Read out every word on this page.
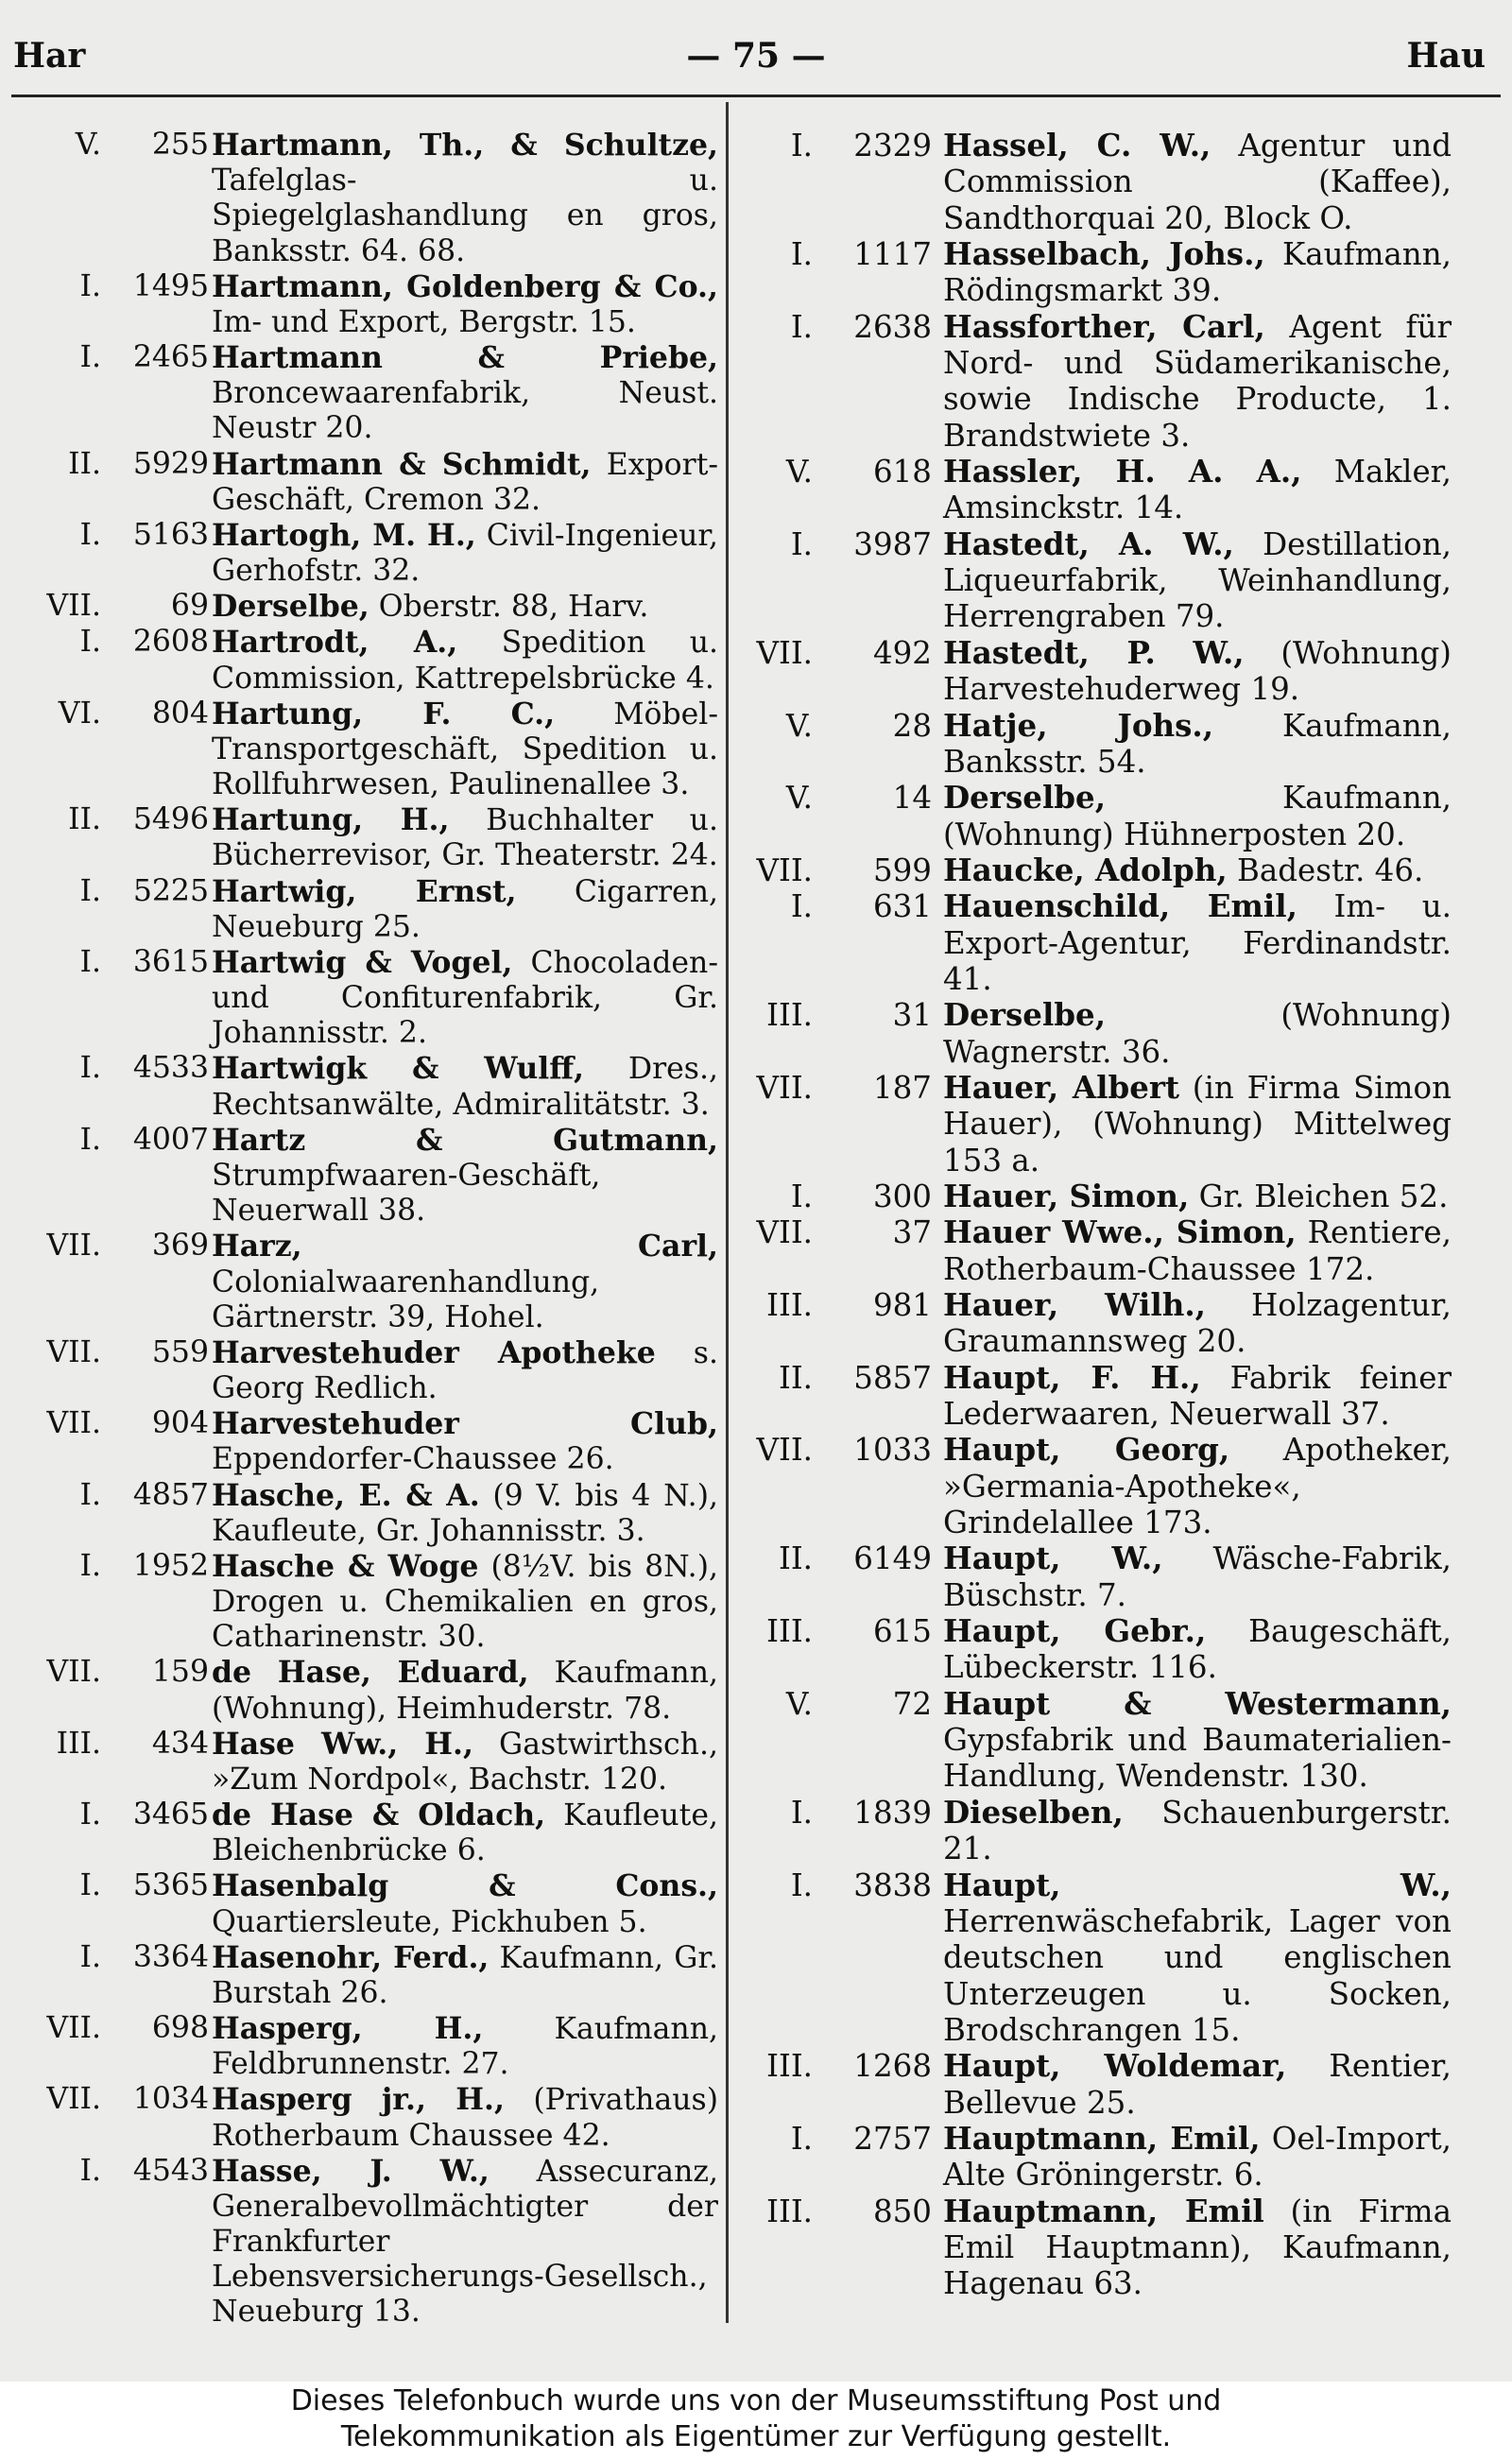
Har	— 75 —	Hau
V.	255 Hartmann, Th., & Schultze, Tafelglas- u. Spiegelglashandlung en gros, Banksstr. 64. 68.
I.	1495 Hartmann, Goldenberg & Co., Im- und Export, Bergstr. 15.
I.	2465 Hartmann & Priebe, Broncewaarenfabrik, Neust. Neustr 20.
II.	5929 Hartmann & Schmidt, Export-Geschäft, Cremon 32.
I.	5163 Hartogh, M. H., Civil-Ingenieur, Gerhofstr. 32.
VII.	69 Derselbe, Oberstr. 88, Harv.
I.	2608 Hartrodt, A., Spedition u. Commission, Kattrepelsbrücke 4.
VI.	804 Hartung, F. C., Möbel-Transportgeschäft, Spedition u. Rollfuhrwesen, Paulinenallee 3.
II.	5496 Hartung, H., Buchhalter u. Bücherrevisor, Gr. Theaterstr. 24.
I.	5225 Hartwig, Ernst, Cigarren, Neueburg 25.
I.	3615 Hartwig & Vogel, Chocoladen- und Confiturenfabrik, Gr. Johannisstr. 2.
I.	4533 Hartwigk & Wulff, Dres., Rechtsanwälte, Admiralitätstr. 3.
I.	4007 Hartz & Gutmann, Strumpfwaaren-Geschäft, Neuerwall 38.
VII.	369 Harz, Carl, Colonialwaarenhandlung, Gärtnerstr. 39, Hohel.
VII.	559 Harvestehuder Apotheke s. Georg Redlich.
VII.	904 Harvestehuder Club, Eppendorfer-Chaussee 26.
I.	4857 Hasche, E. & A. (9 V. bis 4 N.), Kaufleute, Gr. Johannisstr. 3.
I.	1952 Hasche & Woge (8½V. bis 8N.), Drogen u. Chemikalien en gros, Catharinenstr. 30.
VII.	159 de Hase, Eduard, Kaufmann, (Wohnung), Heimhuderstr. 78.
III.	434 Hase Ww., H., Gastwirthsch., »Zum Nordpol«, Bachstr. 120.
I.	3465 de Hase & Oldach, Kaufleute, Bleichenbrücke 6.
I.	5365 Hasenbalg & Cons., Quartiersleute, Pickhuben 5.
I.	3364 Hasenohr, Ferd., Kaufmann, Gr. Burstah 26.
VII.	698 Hasperg, H., Kaufmann, Feldbrunnenstr. 27.
VII.	1034 Hasperg jr., H., (Privathaus) Rotherbaum Chaussee 42.
I.	4543 Hasse, J. W., Assecuranz, Generalbevollmächtigter der Frankfurter Lebensversicherungs-Gesellsch., Neueburg 13.
I.	2329 Hassel, C. W., Agentur und Commission (Kaffee), Sandthorquai 20, Block O.
I.	1117 Hasselbach, Johs., Kaufmann, Rödingsmarkt 39.
I.	2638 Hassforther, Carl, Agent für Nord- und Südamerikanische, sowie Indische Producte, 1. Brandstwiete 3.
V.	618 Hassler, H. A. A., Makler, Amsinckstr. 14.
I.	3987 Hastedt, A. W., Destillation, Liqueurfabrik, Weinhandlung, Herrengraben 79.
VII.	492 Hastedt, P. W., (Wohnung) Harvestehuderweg 19.
V.	28 Hatje, Johs., Kaufmann, Banksstr. 54.
V.	14 Derselbe, Kaufmann, (Wohnung) Hühnerposten 20.
VII.	599 Haucke, Adolph, Badestr. 46.
I.	631 Hauenschild, Emil, Im- u. Export-Agentur, Ferdinandstr. 41.
III.	31 Derselbe, (Wohnung) Wagnerstr. 36.
VII.	187 Hauer, Albert (in Firma Simon Hauer), (Wohnung) Mittelweg 153 a.
I.	300 Hauer, Simon, Gr. Bleichen 52.
VII.	37 Hauer Wwe., Simon, Rentiere, Rotherbaum-Chaussee 172.
III.	981 Hauer, Wilh., Holzagentur, Graumannsweg 20.
II.	5857 Haupt, F. H., Fabrik feiner Lederwaaren, Neuerwall 37.
VII.	1033 Haupt, Georg, Apotheker, »Germania-Apotheke«, Grindelallee 173.
II.	6149 Haupt, W., Wäsche-Fabrik, Büschstr. 7.
III.	615 Haupt, Gebr., Baugeschäft, Lübeckerstr. 116.
V.	72 Haupt & Westermann, Gypsfabrik und Baumaterialien-Handlung, Wendenstr. 130.
I.	1839 Dieselben, Schauenburgerstr. 21.
I.	3838 Haupt, W., Herrenwäschefabrik, Lager von deutschen und englischen Unterzeugen u. Socken, Brodschrangen 15.
III.	1268 Haupt, Woldemar, Rentier, Bellevue 25.
I.	2757 Hauptmann, Emil, Oel-Import, Alte Gröningerstr. 6.
III.	850 Hauptmann, Emil (in Firma Emil Hauptmann), Kaufmann, Hagenau 63.
Dieses Telefonbuch wurde uns von der Museumsstiftung Post und
Telekommunikation als Eigentümer zur Verfügung gestellt.
